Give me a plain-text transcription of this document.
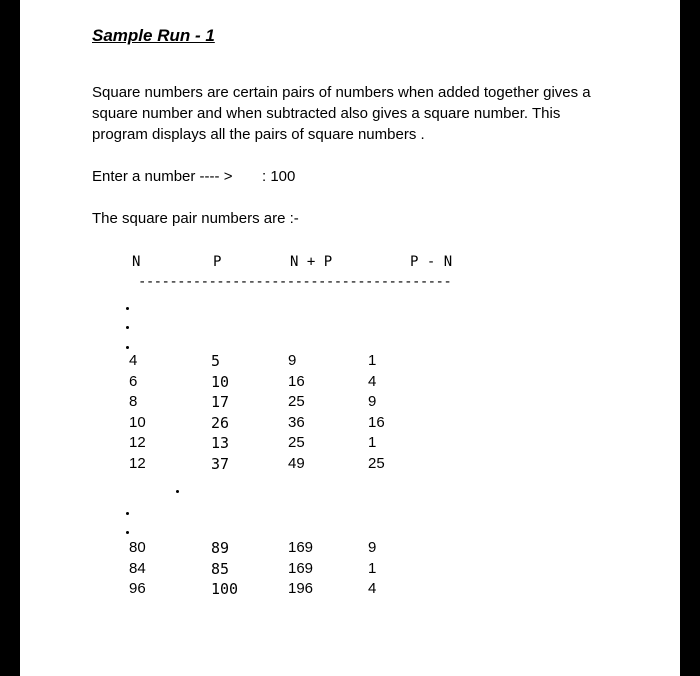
Sample Run - 1
Square numbers are certain pairs of numbers when added together gives a square number and when subtracted also gives a square number. This program displays all the pairs of square numbers .
Enter a number ---- > : 100
The square pair numbers are :-
N	P	N + P	P - N
----------------------------------------
4	5	9	1
6	10	16	4
8	17	25	9
10	26	36	16
12	13	25	1
12	37	49	25
80	89	169	9
84	85	169	1
96	100	196	4
